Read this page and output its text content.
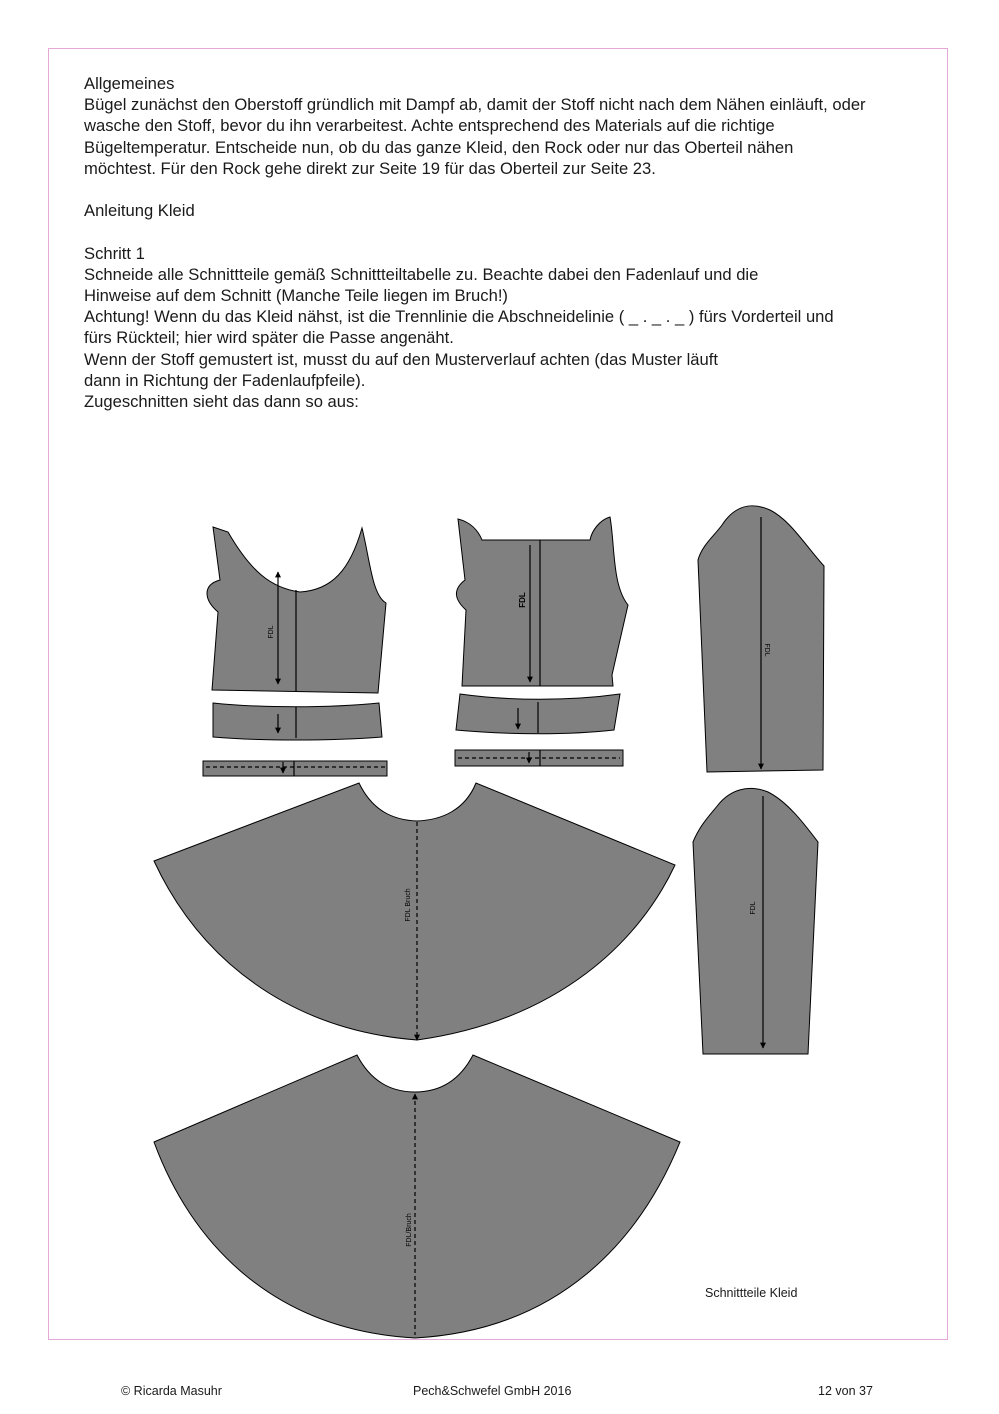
Allgemeines

Bügel zunächst den Oberstoff gründlich mit Dampf ab, damit der Stoff nicht nach dem Nähen einläuft, oder

wasche den Stoff, bevor du ihn verarbeitest. Achte entsprechend des Materials auf die richtige

Bügeltemperatur. Entscheide nun, ob du das ganze Kleid, den Rock oder nur das Oberteil nähen

möchtest. Für den Rock gehe direkt zur Seite 19 für das Oberteil zur Seite 23.

Anleitung Kleid

Schritt 1

Schneide alle Schnittteile gemäß Schnittteiltabelle zu. Beachte dabei den Fadenlauf und die

Hinweise auf dem Schnitt (Manche Teile liegen im Bruch!)

Achtung! Wenn du das Kleid nähst, ist die Trennlinie die Abschneidelinie ( _ . _ . _ ) fürs Vorderteil und

fürs Rückteil; hier wird später die Passe angenäht.

Wenn der Stoff gemustert ist, musst du auf den Musterverlauf achten (das Muster läuft

dann in Richtung der Fadenlaufpfeile).

Zugeschnitten sieht das dann so aus:

FDL
FDL
FDL
FDL
FDL Bruch
FDL/Bruch
Schnittteile Kleid
© Ricarda Masuhr	Pech&Schwefel GmbH 2016	12 von 37
